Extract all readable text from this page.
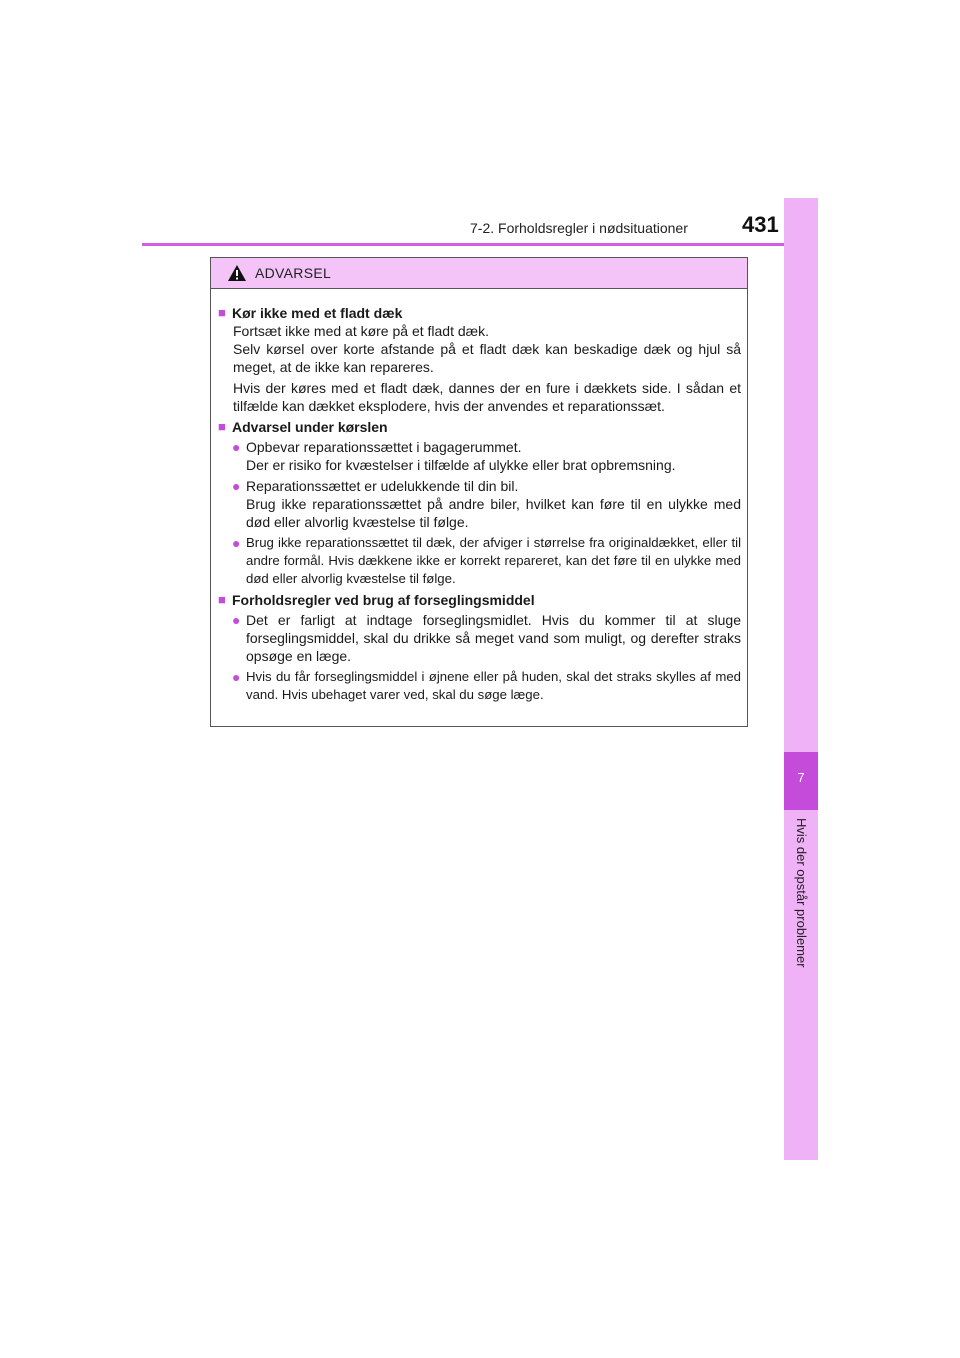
7-2. Forholdsregler i nødsituationer 431
7
Hvis der opstår problemer
ADVARSEL
■ Kør ikke med et fladt dæk
Fortsæt ikke med at køre på et fladt dæk.
Selv kørsel over korte afstande på et fladt dæk kan beskadige dæk og hjul så meget, at de ikke kan repareres.
Hvis der køres med et fladt dæk, dannes der en fure i dækkets side. I sådan et tilfælde kan dækket eksplodere, hvis der anvendes et reparationssæt.
■ Advarsel under kørslen
● Opbevar reparationssættet i bagagerummet.
Der er risiko for kvæstelser i tilfælde af ulykke eller brat opbremsning.
● Reparationssættet er udelukkende til din bil.
Brug ikke reparationssættet på andre biler, hvilket kan føre til en ulykke med død eller alvorlig kvæstelse til følge.
● Brug ikke reparationssættet til dæk, der afviger i størrelse fra originaldækket, eller til andre formål. Hvis dækkene ikke er korrekt repareret, kan det føre til en ulykke med død eller alvorlig kvæstelse til følge.
■ Forholdsregler ved brug af forseglingsmiddel
● Det er farligt at indtage forseglingsmidlet. Hvis du kommer til at sluge forseglingsmiddel, skal du drikke så meget vand som muligt, og derefter straks opsøge en læge.
● Hvis du får forseglingsmiddel i øjnene eller på huden, skal det straks skylles af med vand. Hvis ubehaget varer ved, skal du søge læge.
